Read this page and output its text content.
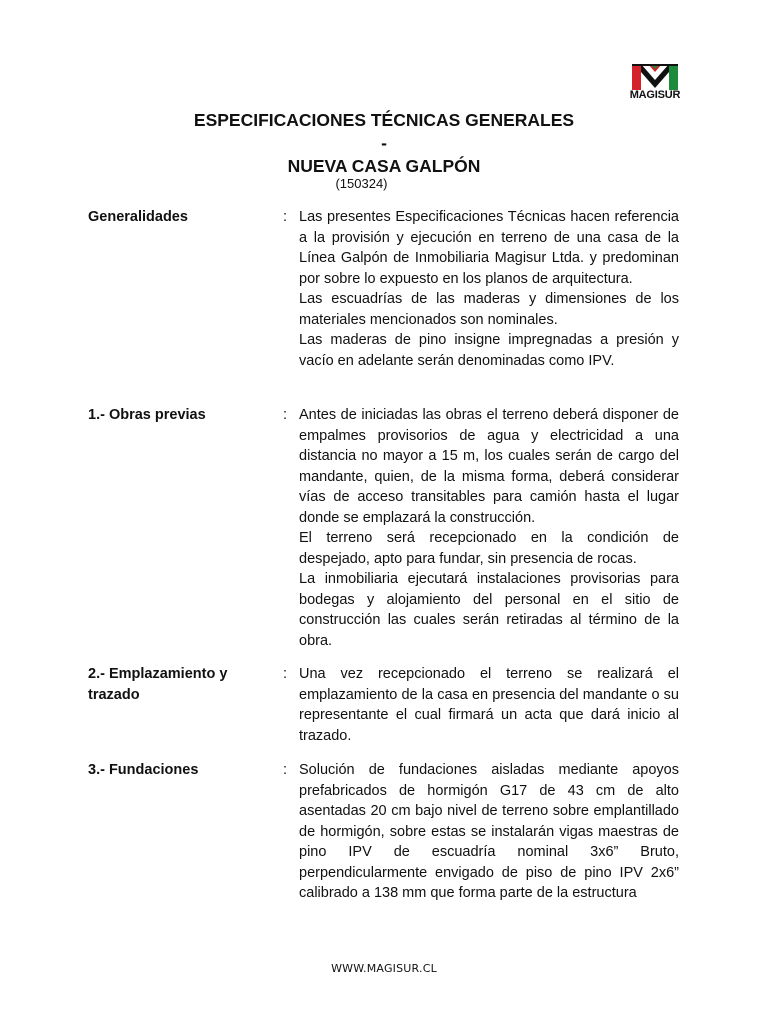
MAGISUR
ESPECIFICACIONES TÉCNICAS GENERALES
-
NUEVA CASA GALPÓN
(150324)
Generalidades	: Las presentes Especificaciones Técnicas hacen referencia a la provisión y ejecución en terreno de una casa de la Línea Galpón de Inmobiliaria Magisur Ltda. y predominan por sobre lo expuesto en los planos de arquitectura.

Las escuadrías de las maderas y dimensiones de los materiales mencionados son nominales.

Las maderas de pino insigne impregnadas a presión y vacío en adelante serán denominadas como IPV.

1.- Obras previas	: Antes de iniciadas las obras el terreno deberá disponer de empalmes provisorios de agua y electricidad a una distancia no mayor a 15 m, los cuales serán de cargo del mandante, quien, de la misma forma, deberá considerar vías de acceso transitables para camión hasta el lugar donde se emplazará la construcción.

El terreno será recepcionado en la condición de despejado, apto para fundar, sin presencia de rocas.

La inmobiliaria ejecutará instalaciones provisorias para bodegas y alojamiento del personal en el sitio de construcción las cuales serán retiradas al término de la obra.

2.- Emplazamiento y trazado
: Una vez recepcionado el terreno se realizará el emplazamiento de la casa en presencia del mandante o su representante el cual firmará un acta que dará inicio al trazado.

3.- Fundaciones	: Solución de fundaciones aisladas mediante apoyos prefabricados de hormigón G17 de 43 cm de alto asentadas 20 cm bajo nivel de terreno sobre emplantillado de hormigón, sobre estas se instalarán vigas maestras de pino IPV de escuadría nominal 3x6” Bruto, perpendicularmente envigado de piso de pino IPV 2x6” calibrado a 138 mm que forma parte de la estructura

WWW.MAGISUR.CL
